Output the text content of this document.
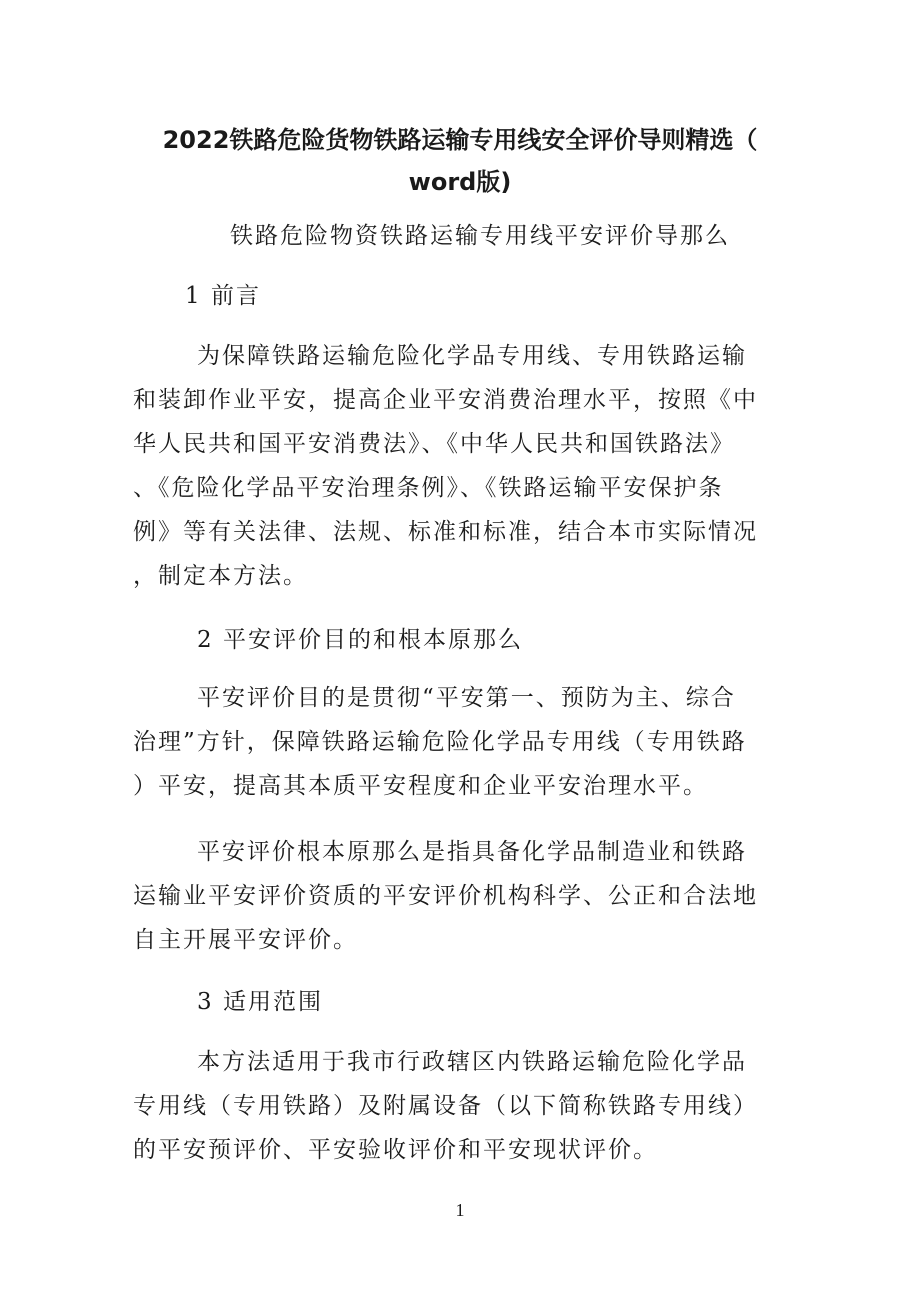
2022铁路危险货物铁路运输专用线安全评价导则精选（
word版)
铁路危险物资铁路运输专用线平安评价导那么
1 前言
为保障铁路运输危险化学品专用线、专用铁路运输
和装卸作业平安，提高企业平安消费治理水平，按照《中
华人民共和国平安消费法》、《中华人民共和国铁路法》
、《危险化学品平安治理条例》、《铁路运输平安保护条
例》等有关法律、法规、标准和标准，结合本市实际情况
，制定本方法。
2 平安评价目的和根本原那么
平安评价目的是贯彻“平安第一、预防为主、综合
治理”方针，保障铁路运输危险化学品专用线（专用铁路
）平安，提高其本质平安程度和企业平安治理水平。
平安评价根本原那么是指具备化学品制造业和铁路
运输业平安评价资质的平安评价机构科学、公正和合法地
自主开展平安评价。
3 适用范围
本方法适用于我市行政辖区内铁路运输危险化学品
专用线（专用铁路）及附属设备（以下简称铁路专用线）
的平安预评价、平安验收评价和平安现状评价。
1
